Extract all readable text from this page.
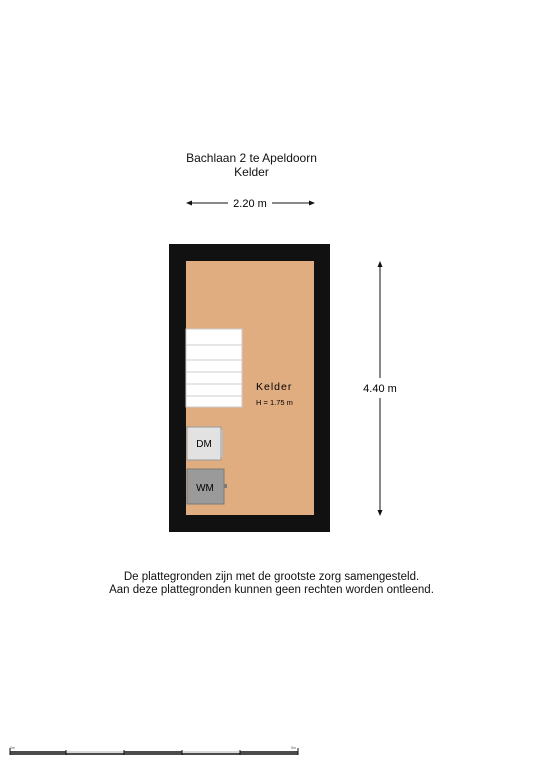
Bachlaan 2 te Apeldoorn
Kelder
2.20 m
4.40 m
Kelder
H = 1.75 m
DM
WM
0m	5m
De plattegronden zijn met de grootste zorg samengesteld.
Aan deze plattegronden kunnen geen rechten worden ontleend.
